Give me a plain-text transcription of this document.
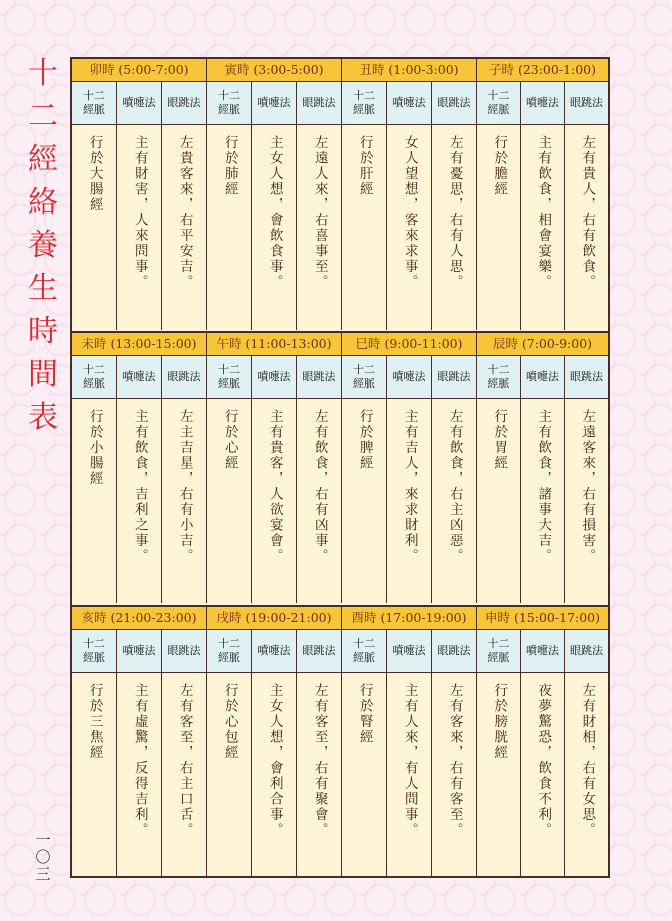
十
二
經
絡
養
生
時
間
表
一
〇
三
卯時 (5:00-7:00)
十二
經脈
行於大腸經
噴嚏法
主有財害，人來問事。
眼跳法
左貴客來，右平安吉。
寅時 (3:00-5:00)
十二
經脈
行於肺經
噴嚏法
主女人想，會飲食事。
眼跳法
左遠人來，右喜事至。
丑時 (1:00-3:00)
十二
經脈
行於肝經
噴嚏法
女人望想，客來求事。
眼跳法
左有憂思，右有人思。
子時 (23:00-1:00)
十二
經脈
行於膽經
噴嚏法
主有飲食，相會宴樂。
眼跳法
左有貴人，右有飲食。
未時 (13:00-15:00)
十二
經脈
行於小腸經
噴嚏法
主有飲食，吉利之事。
眼跳法
左主吉星，右有小吉。
午時 (11:00-13:00)
十二
經脈
行於心經
噴嚏法
主有貴客，人欲宴會。
眼跳法
左有飲食，右有凶事。
巳時 (9:00-11:00)
十二
經脈
行於脾經
噴嚏法
主有吉人，來求財利。
眼跳法
左有飲食，右主凶惡。
辰時 (7:00-9:00)
十二
經脈
行於胃經
噴嚏法
主有飲食，諸事大吉。
眼跳法
左遠客來，右有損害。
亥時 (21:00-23:00)
十二
經脈
行於三焦經
噴嚏法
主有虛驚，反得吉利。
眼跳法
左有客至，右主口舌。
戌時 (19:00-21:00)
十二
經脈
行於心包經
噴嚏法
主女人想，會利合事。
眼跳法
左有客至，右有聚會。
酉時 (17:00-19:00)
十二
經脈
行於腎經
噴嚏法
主有人來，有人問事。
眼跳法
左有客來，右有客至。
申時 (15:00-17:00)
十二
經脈
行於膀胱經
噴嚏法
夜夢驚恐，飲食不利。
眼跳法
左有財相，右有女思。
